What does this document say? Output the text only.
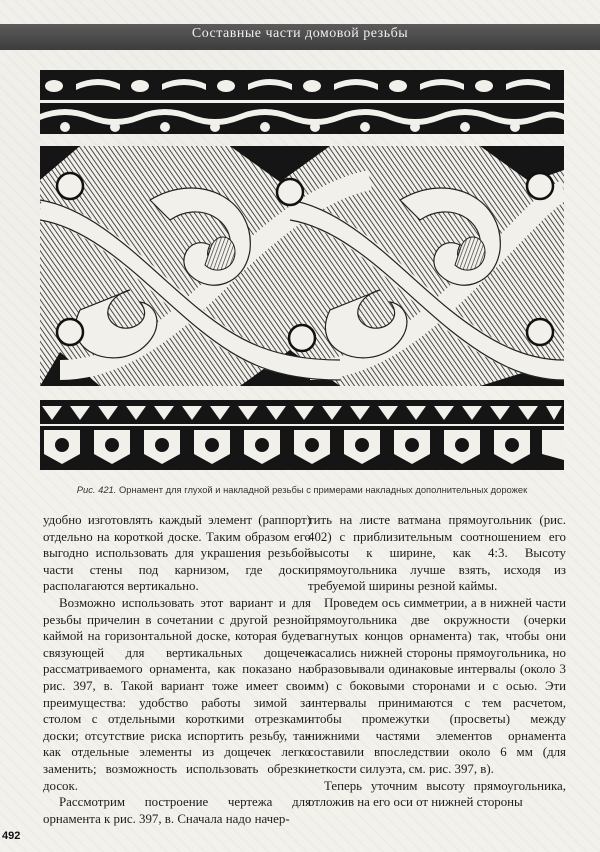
Составные части домовой резьбы
Рис. 421. Орнамент для глухой и накладной резьбы с примерами накладных дополнительных дорожек

удобно изготовлять каждый элемент (раппорт) отдельно на короткой доске. Таким образом его выгодно использовать для украшения резьбой части стены под карнизом, где доски располагаются вертикально.

Возможно использовать этот вариант и для резьбы причелин в сочетании с другой резной каймой на горизонтальной доске, которая будет связующей для вертикальных дощечек рассматриваемого орнамента, как показано на рис. 397, в. Такой вариант тоже имеет свои преимущества: удобство работы зимой за столом с отдельными короткими отрезками доски; отсутствие риска испортить резьбу, так как отдельные элементы из дощечек легко заменить; возможность использовать обрезки досок.

Рассмотрим построение чертежа для орнамента к рис. 397, в. Сначала надо начер-

тить на листе ватмана прямоугольник (рис. 402) с приблизительным соотношением его высоты к ширине, как 4:3. Высоту прямоугольника лучше взять, исходя из требуемой ширины резной каймы.

Проведем ось симметрии, а в нижней части прямоугольника две окружности (очерки загнутых концов орнамента) так, чтобы они касались нижней стороны прямоугольника, но образовывали одинаковые интервалы (около 3 мм) с боковыми сторонами и с осью. Эти интервалы принимаются с тем расчетом, чтобы промежутки (просветы) между нижними частями элементов орнамента составили впоследствии около 6 мм (для четкости силуэта, см. рис. 397, в).

Теперь уточним высоту прямоугольника, отложив на его оси от нижней стороны

492
